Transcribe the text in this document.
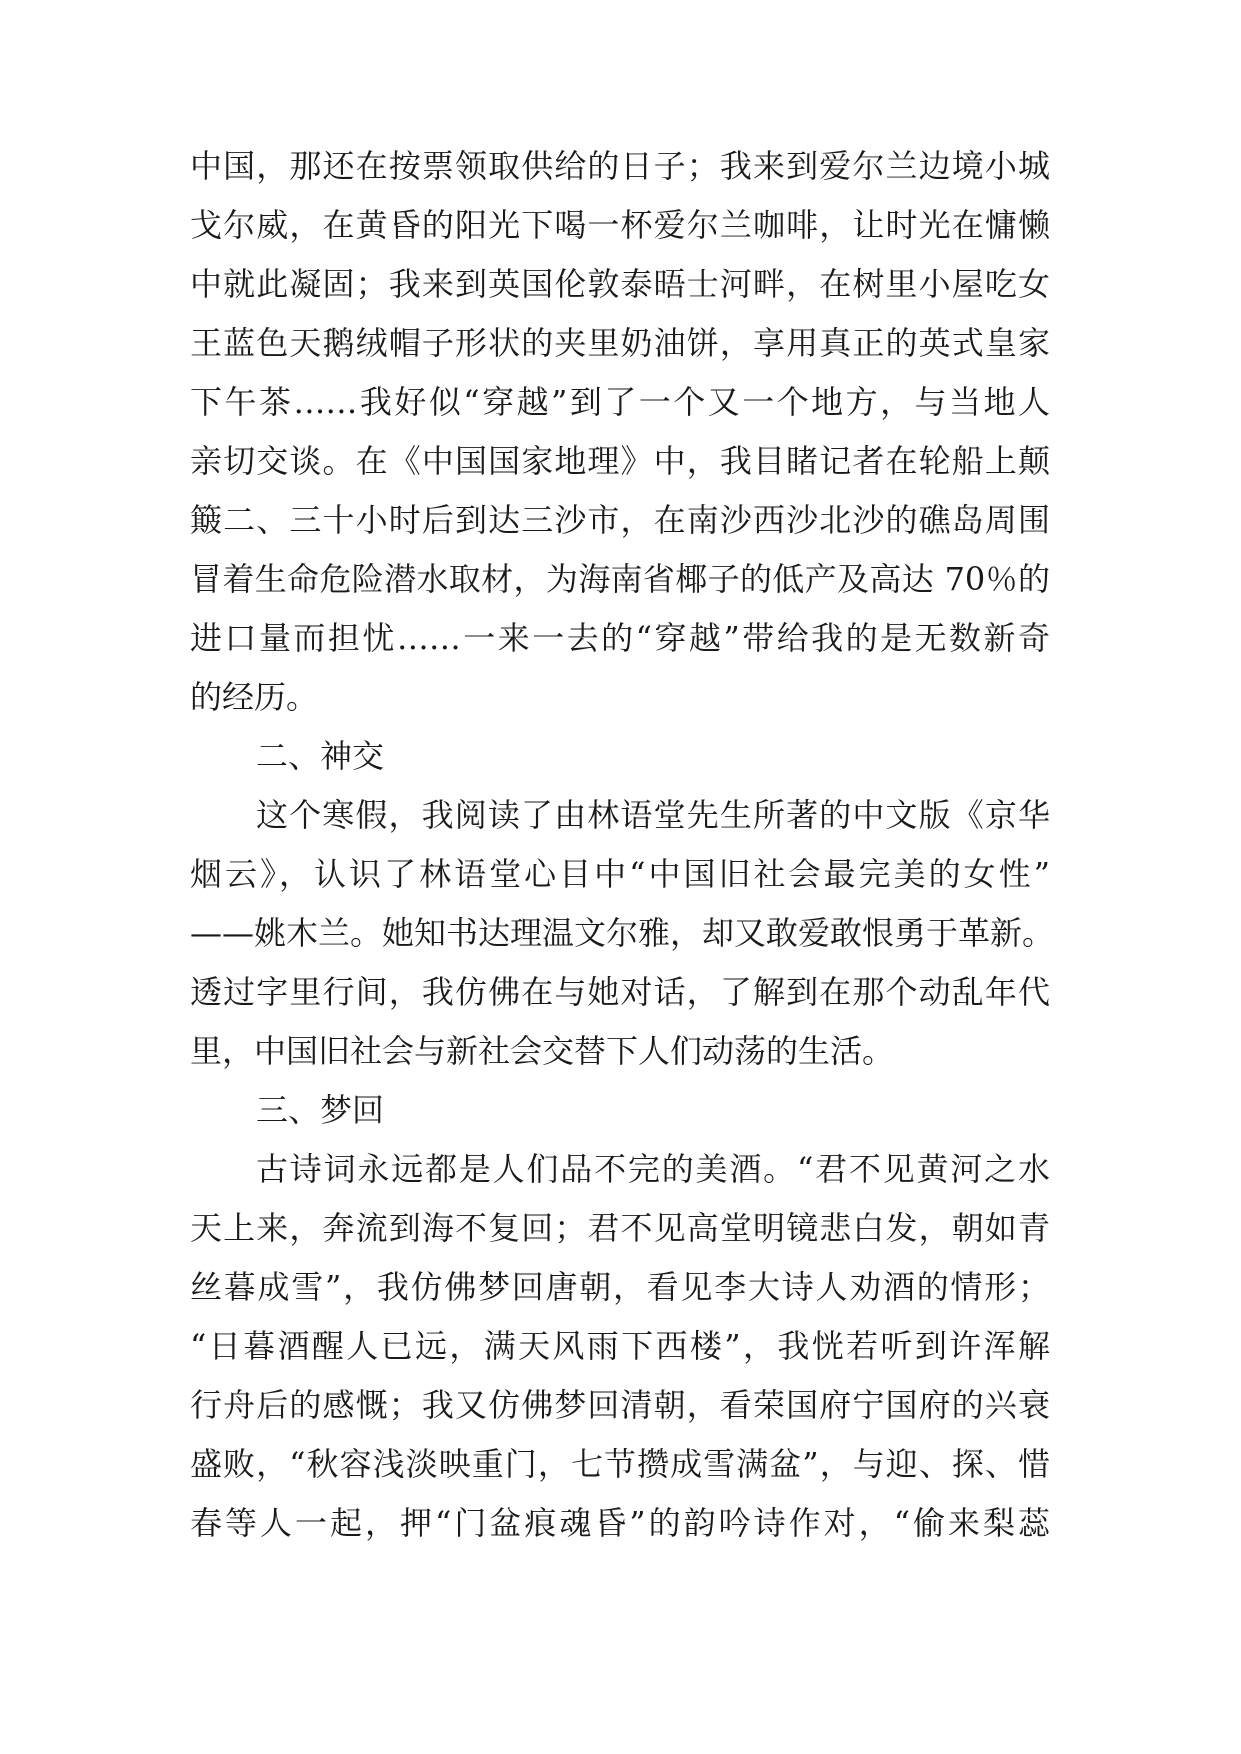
中国，那还在按票领取供给的日子；我来到爱尔兰边境小城
戈尔威，在黄昏的阳光下喝一杯爱尔兰咖啡，让时光在慵懒
中就此凝固；我来到英国伦敦泰晤士河畔，在树里小屋吃女
王蓝色天鹅绒帽子形状的夹里奶油饼，享用真正的英式皇家
下午茶……我好似“穿越”到了一个又一个地方，与当地人
亲切交谈。在《中国国家地理》中，我目睹记者在轮船上颠
簸二、三十小时后到达三沙市，在南沙西沙北沙的礁岛周围
冒着生命危险潜水取材，为海南省椰子的低产及高达 70％的
进口量而担忧……一来一去的“穿越”带给我的是无数新奇
的经历。
二、神交
这个寒假，我阅读了由林语堂先生所著的中文版《京华
烟云》，认识了林语堂心目中“中国旧社会最完美的女性”
——姚木兰。她知书达理温文尔雅，却又敢爱敢恨勇于革新。
透过字里行间，我仿佛在与她对话，了解到在那个动乱年代
里，中国旧社会与新社会交替下人们动荡的生活。
三、梦回
古诗词永远都是人们品不完的美酒。“君不见黄河之水
天上来，奔流到海不复回；君不见高堂明镜悲白发，朝如青
丝暮成雪”，我仿佛梦回唐朝，看见李大诗人劝酒的情形；
“日暮酒醒人已远，满天风雨下西楼”，我恍若听到许浑解
行舟后的感慨；我又仿佛梦回清朝，看荣国府宁国府的兴衰
盛败，“秋容浅淡映重门，七节攒成雪满盆”，与迎、探、惜
春等人一起，押“门盆痕魂昏”的韵吟诗作对，“偷来梨蕊
